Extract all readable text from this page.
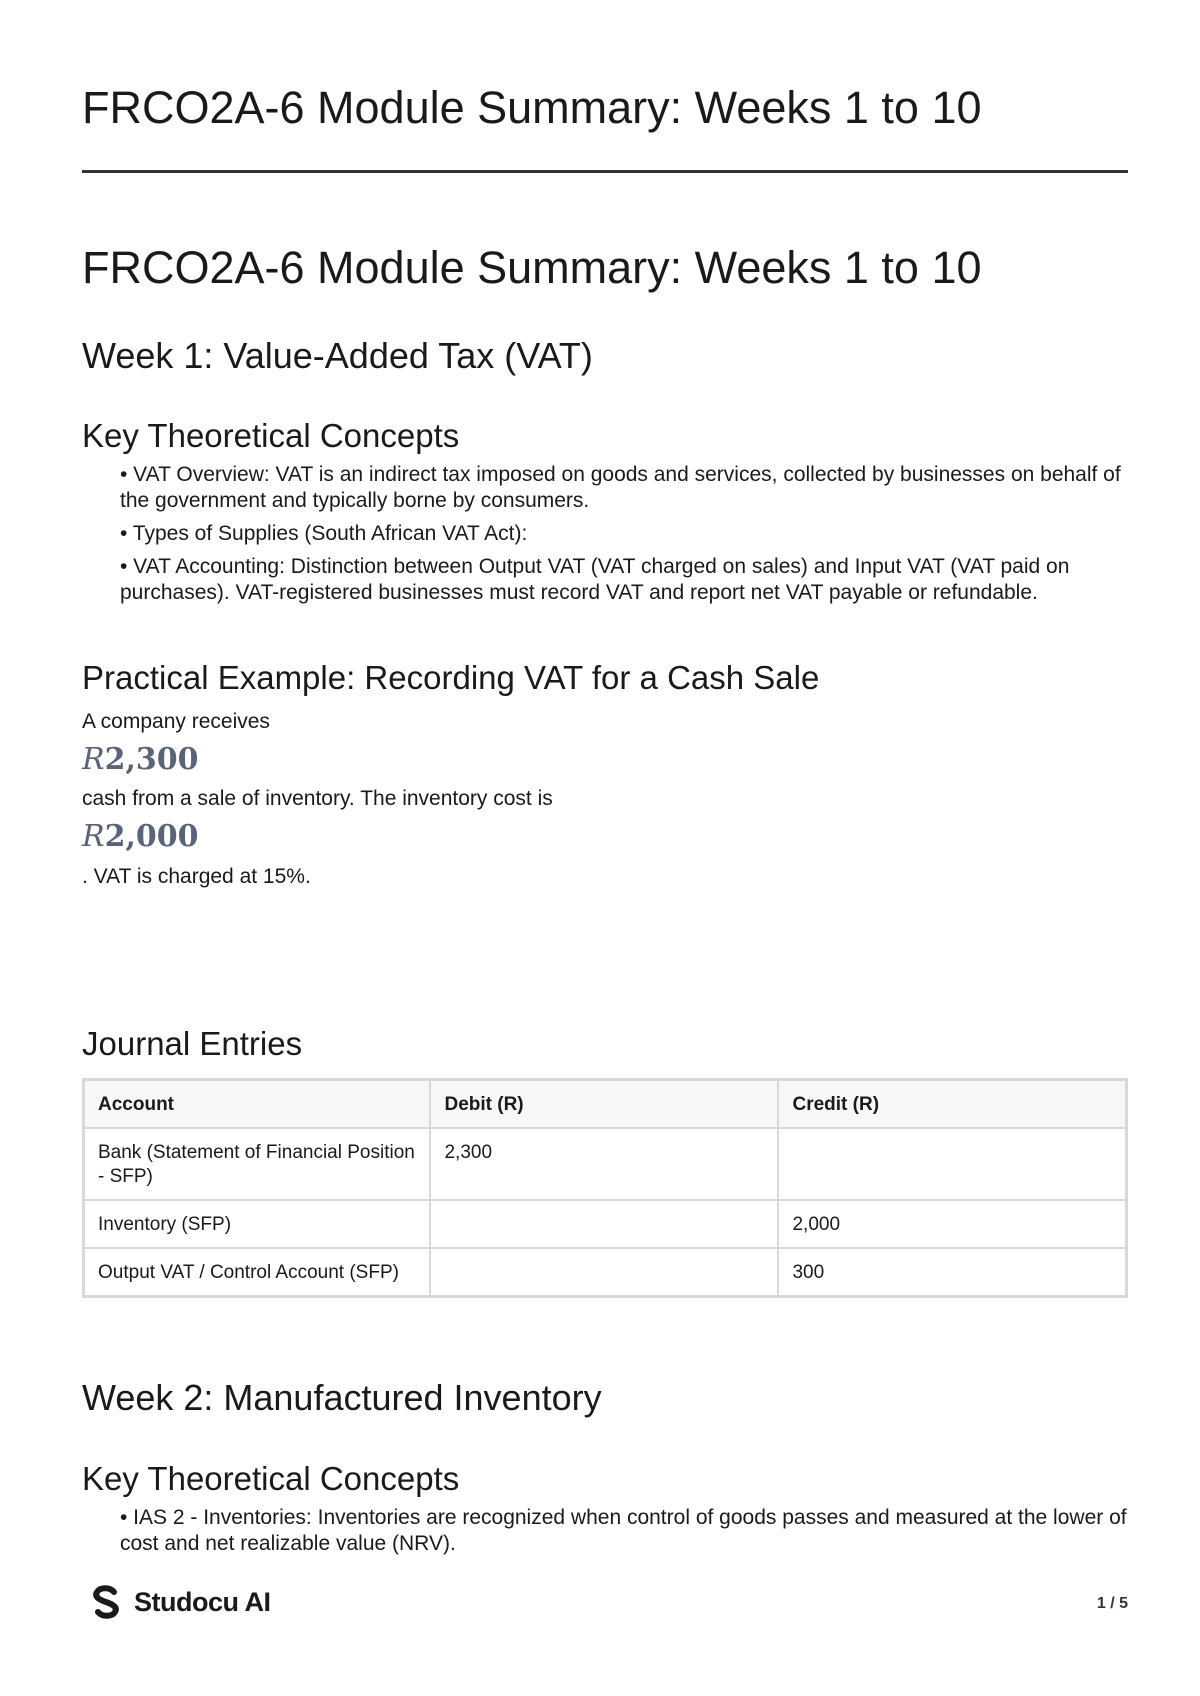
FRCO2A-6 Module Summary: Weeks 1 to 10
FRCO2A-6 Module Summary: Weeks 1 to 10
Week 1: Value-Added Tax (VAT)
Key Theoretical Concepts
• VAT Overview: VAT is an indirect tax imposed on goods and services, collected by businesses on behalf of the government and typically borne by consumers.
• Types of Supplies (South African VAT Act):
• VAT Accounting: Distinction between Output VAT (VAT charged on sales) and Input VAT (VAT paid on purchases). VAT-registered businesses must record VAT and report net VAT payable or refundable.
Practical Example: Recording VAT for a Cash Sale
A company receives
R2,300
cash from a sale of inventory. The inventory cost is
R2,000
. VAT is charged at 15%.
Journal Entries
Account	Debit (R)	Credit (R)
Bank (Statement of Financial Position - SFP)	2,300	
Inventory (SFP)		2,000
Output VAT / Control Account (SFP)		300
Week 2: Manufactured Inventory
Key Theoretical Concepts
• IAS 2 - Inventories: Inventories are recognized when control of goods passes and measured at the lower of cost and net realizable value (NRV).
Studocu AI	1 / 5
